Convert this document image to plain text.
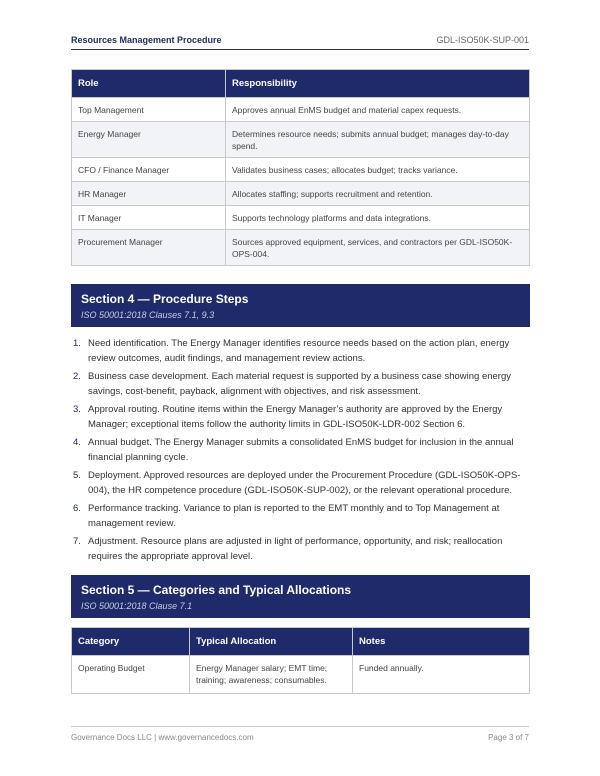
Resources Management Procedure	GDL-ISO50K-SUP-001
Role	Responsibility
Top Management	Approves annual EnMS budget and material capex requests.
Energy Manager	Determines resource needs; submits annual budget; manages day-to-day spend.
CFO / Finance Manager	Validates business cases; allocates budget; tracks variance.
HR Manager	Allocates staffing; supports recruitment and retention.
IT Manager	Supports technology platforms and data integrations.
Procurement Manager	Sources approved equipment, services, and contractors per GDL-ISO50K-OPS-004.
Section 4 — Procedure Steps
ISO 50001:2018 Clauses 7.1, 9.3
1. Need identification. The Energy Manager identifies resource needs based on the action plan, energy review outcomes, audit findings, and management review actions.
2. Business case development. Each material request is supported by a business case showing energy savings, cost-benefit, payback, alignment with objectives, and risk assessment.
3. Approval routing. Routine items within the Energy Manager’s authority are approved by the Energy Manager; exceptional items follow the authority limits in GDL-ISO50K-LDR-002 Section 6.
4. Annual budget. The Energy Manager submits a consolidated EnMS budget for inclusion in the annual financial planning cycle.
5. Deployment. Approved resources are deployed under the Procurement Procedure (GDL-ISO50K-OPS-004), the HR competence procedure (GDL-ISO50K-SUP-002), or the relevant operational procedure.
6. Performance tracking. Variance to plan is reported to the EMT monthly and to Top Management at management review.
7. Adjustment. Resource plans are adjusted in light of performance, opportunity, and risk; reallocation requires the appropriate approval level.
Section 5 — Categories and Typical Allocations
ISO 50001:2018 Clause 7.1
Category	Typical Allocation	Notes
Operating Budget	Energy Manager salary; EMT time; training; awareness; consumables.	Funded annually.
Governance Docs LLC | www.governancedocs.com	Page 3 of 7
